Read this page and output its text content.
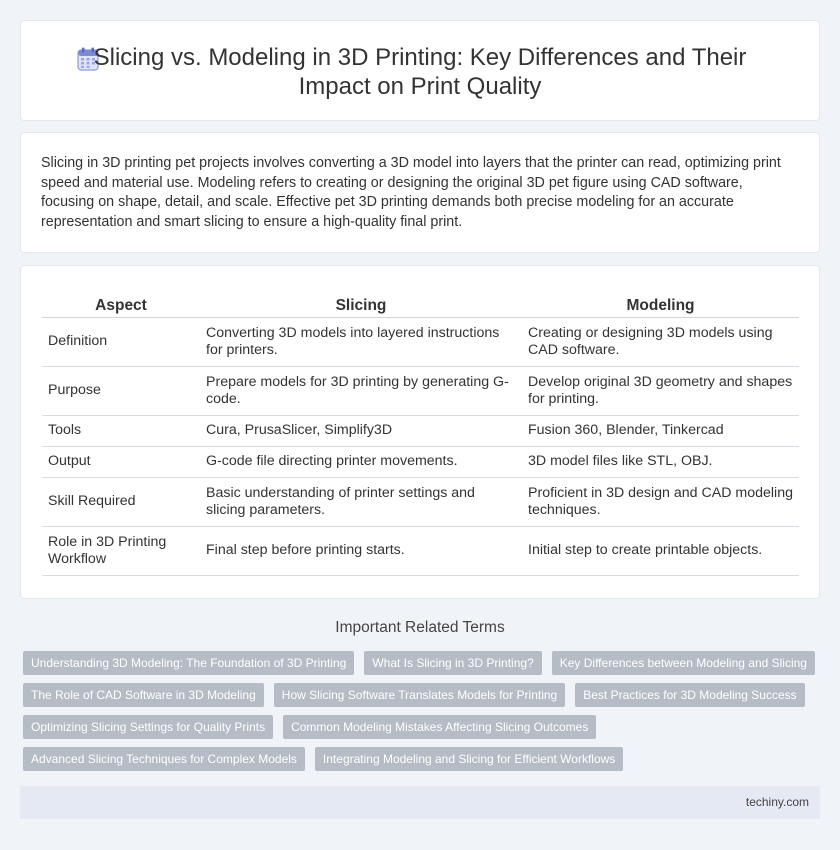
Slicing vs. Modeling in 3D Printing: Key Differences and Their Impact on Print Quality

Slicing in 3D printing pet projects involves converting a 3D model into layers that the printer can read, optimizing print speed and material use. Modeling refers to creating or designing the original 3D pet figure using CAD software, focusing on shape, detail, and scale. Effective pet 3D printing demands both precise modeling for an accurate representation and smart slicing to ensure a high-quality final print.

Aspect	Slicing	Modeling
Definition	Converting 3D models into layered instructions for printers.	Creating or designing 3D models using CAD software.
Purpose	Prepare models for 3D printing by generating G-code.	Develop original 3D geometry and shapes for printing.
Tools	Cura, PrusaSlicer, Simplify3D	Fusion 360, Blender, Tinkercad
Output	G-code file directing printer movements.	3D model files like STL, OBJ.
Skill Required	Basic understanding of printer settings and slicing parameters.	Proficient in 3D design and CAD modeling techniques.
Role in 3D Printing Workflow	Final step before printing starts.	Initial step to create printable objects.
Important Related Terms
Understanding 3D Modeling: The Foundation of 3D Printing	What Is Slicing in 3D Printing?	Key Differences between Modeling and Slicing
The Role of CAD Software in 3D Modeling	How Slicing Software Translates Models for Printing	Best Practices for 3D Modeling Success
Optimizing Slicing Settings for Quality Prints	Common Modeling Mistakes Affecting Slicing Outcomes
Advanced Slicing Techniques for Complex Models	Integrating Modeling and Slicing for Efficient Workflows
techiny.com
